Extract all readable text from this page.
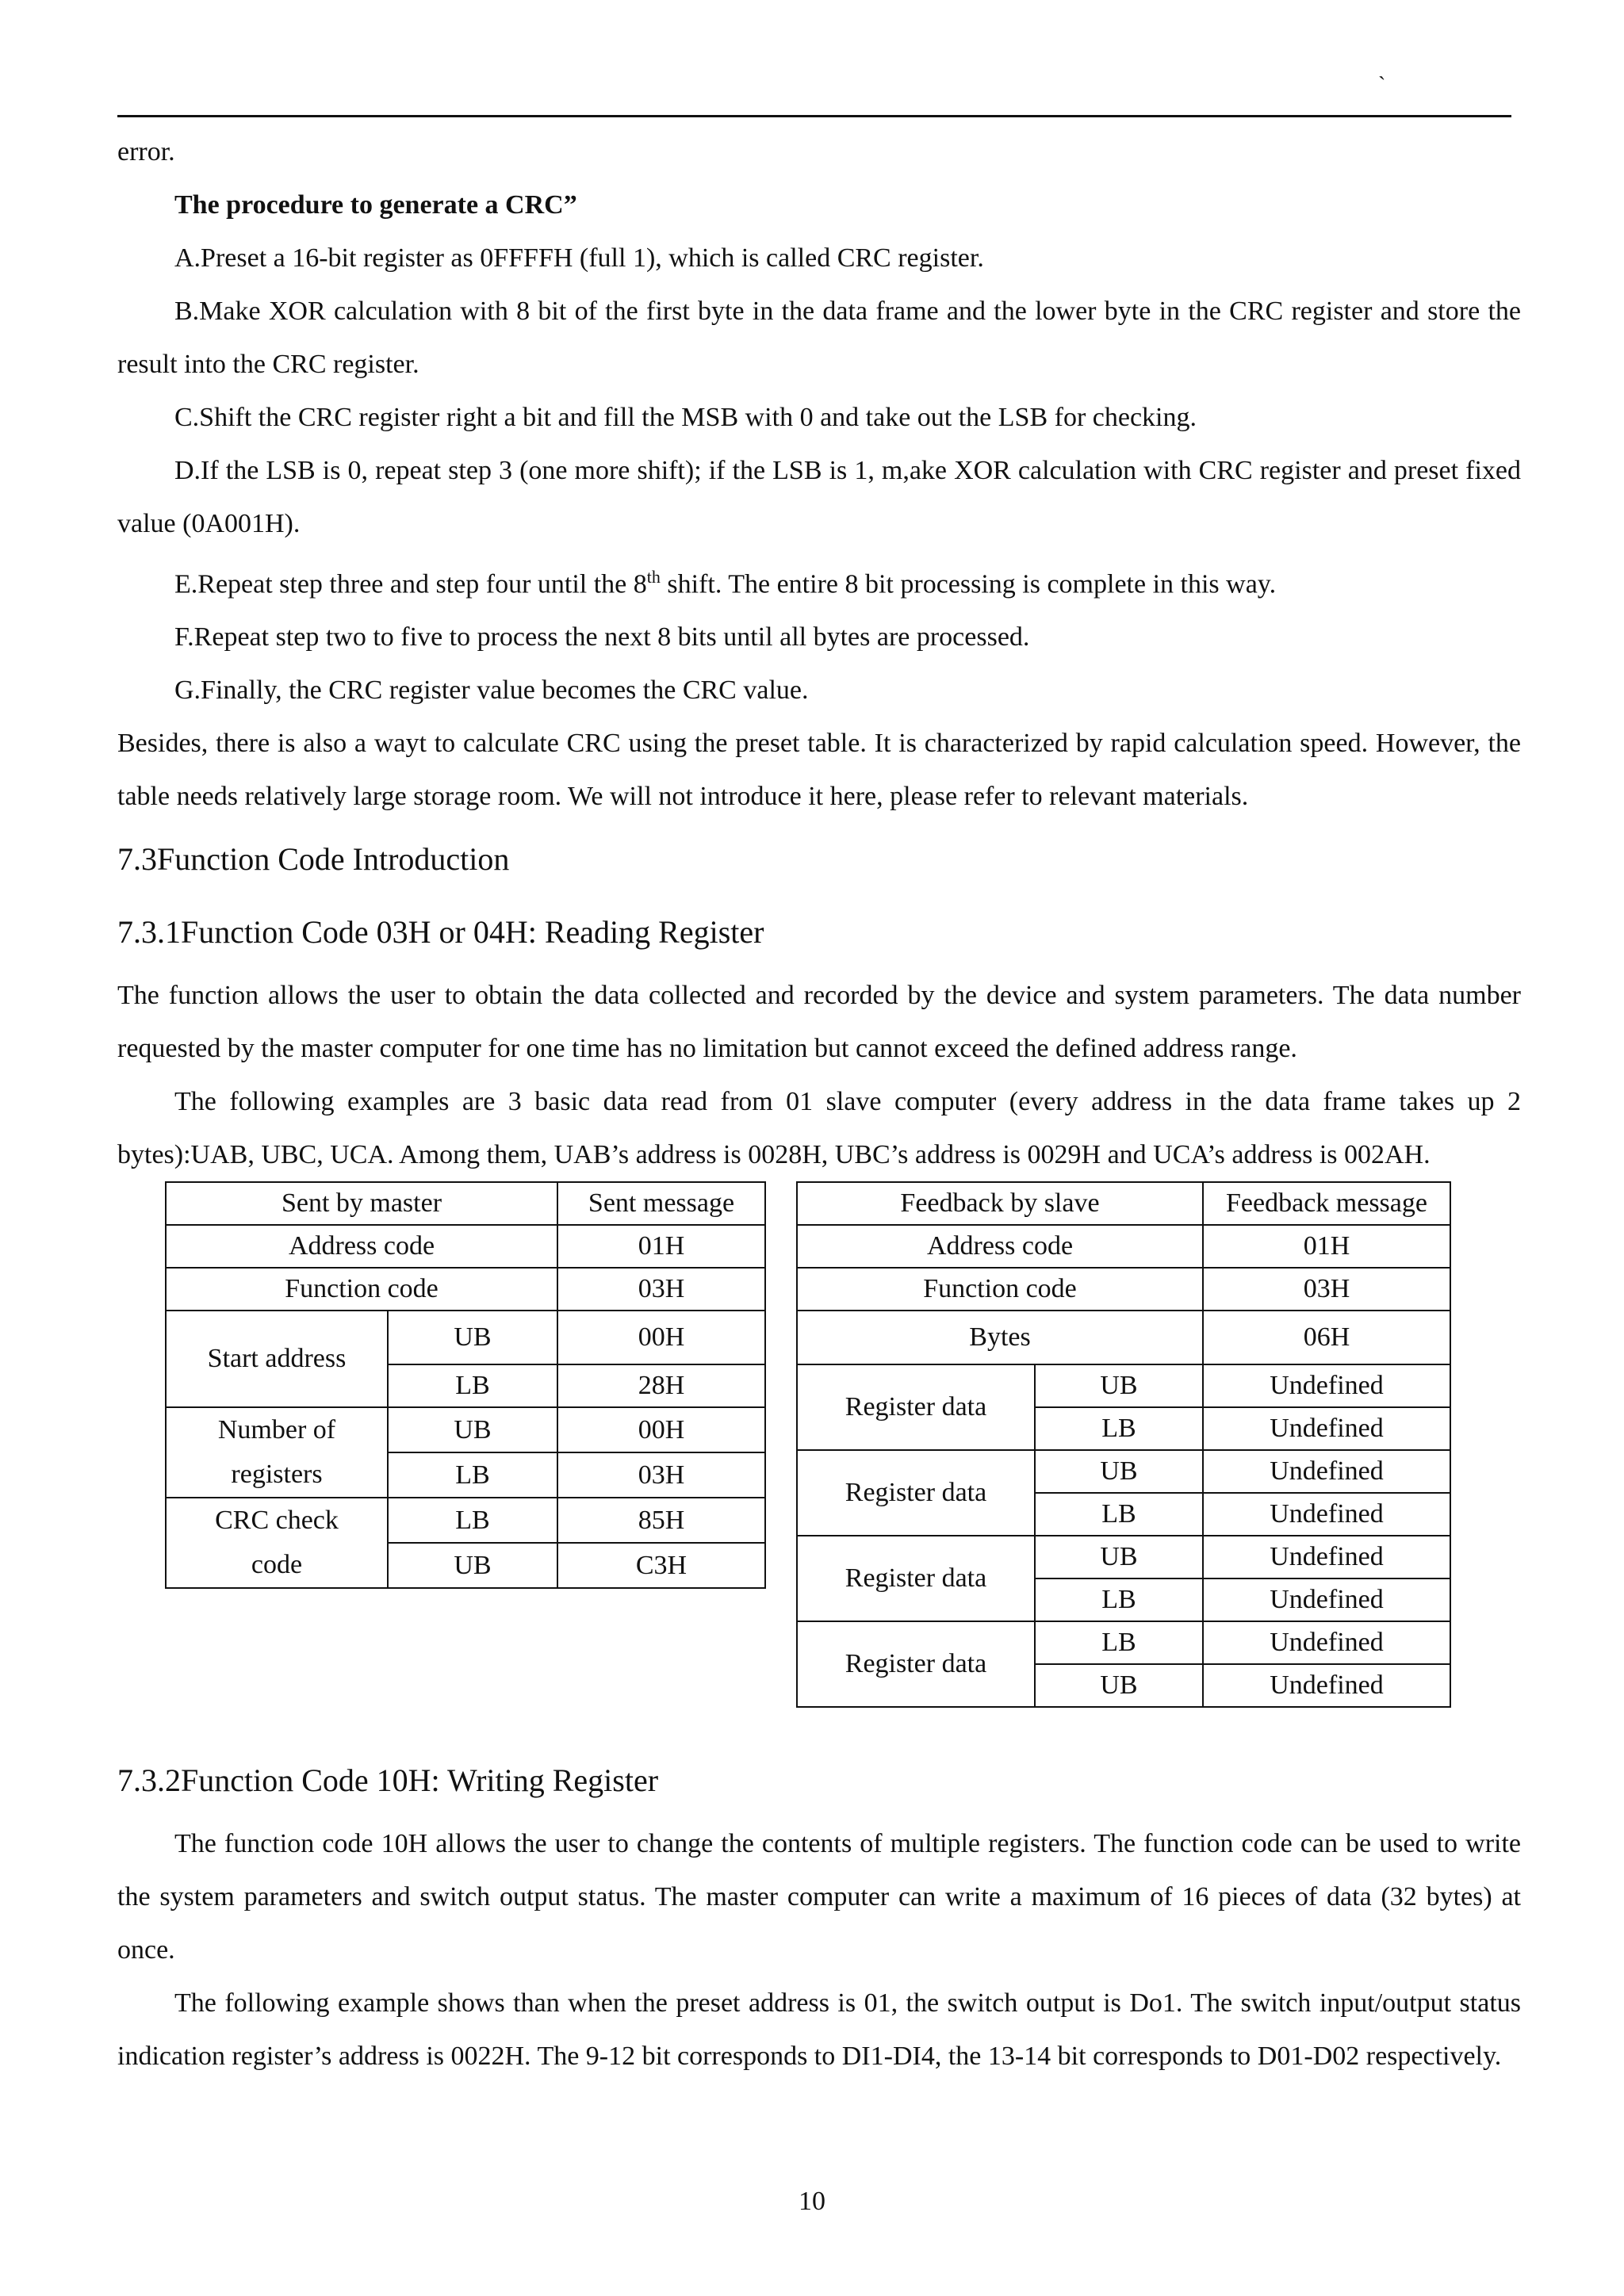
`

error.

The procedure to generate a CRC”

A.Preset a 16-bit register as 0FFFFH (full 1), which is called CRC register.

B.Make XOR calculation with 8 bit of the first byte in the data frame and the lower byte in the CRC register and store the result into the CRC register.

C.Shift the CRC register right a bit and fill the MSB with 0 and take out the LSB for checking.

D.If the LSB is 0, repeat step 3 (one more shift); if the LSB is 1, m,ake XOR calculation with CRC register and preset fixed value (0A001H).

E.Repeat step three and step four until the 8th shift. The entire 8 bit processing is complete in this way.

F.Repeat step two to five to process the next 8 bits until all bytes are processed.

G.Finally, the CRC register value becomes the CRC value.

Besides, there is also a wayt to calculate CRC using the preset table. It is characterized by rapid calculation speed. However, the table needs relatively large storage room. We will not introduce it here, please refer to relevant materials.

7.3Function Code Introduction
7.3.1Function Code 03H or 04H: Reading Register

The function allows the user to obtain the data collected and recorded by the device and system parameters. The data number requested by the master computer for one time has no limitation but cannot exceed the defined address range.

The following examples are 3 basic data read from 01 slave computer (every address in the data frame takes up 2 bytes):UAB, UBC, UCA. Among them, UAB’s address is 0028H, UBC’s address is 0029H and UCA’s address is 002AH.

Sent by master		Sent message
Address code		01H
Function code		03H
Start address	UB	00H
	LB	28H
Number of
registers	UB	00H
	LB	03H
CRC check
code	LB	85H
	UB	C3H
Feedback by slave		Feedback message
Address code		01H
Function code		03H
Bytes		06H
Register data	UB	Undefined
	LB	Undefined
Register data	UB	Undefined
	LB	Undefined
Register data	UB	Undefined
	LB	Undefined
Register data	LB	Undefined
	UB	Undefined
7.3.2Function Code 10H: Writing Register

The function code 10H allows the user to change the contents of multiple registers. The function code can be used to write the system parameters and switch output status. The master computer can write a maximum of 16 pieces of data (32 bytes) at once.

The following example shows than when the preset address is 01, the switch output is Do1. The switch input/output status indication register’s address is 0022H. The 9-12 bit corresponds to DI1-DI4, the 13-14 bit corresponds to D01-D02 respectively.

10
